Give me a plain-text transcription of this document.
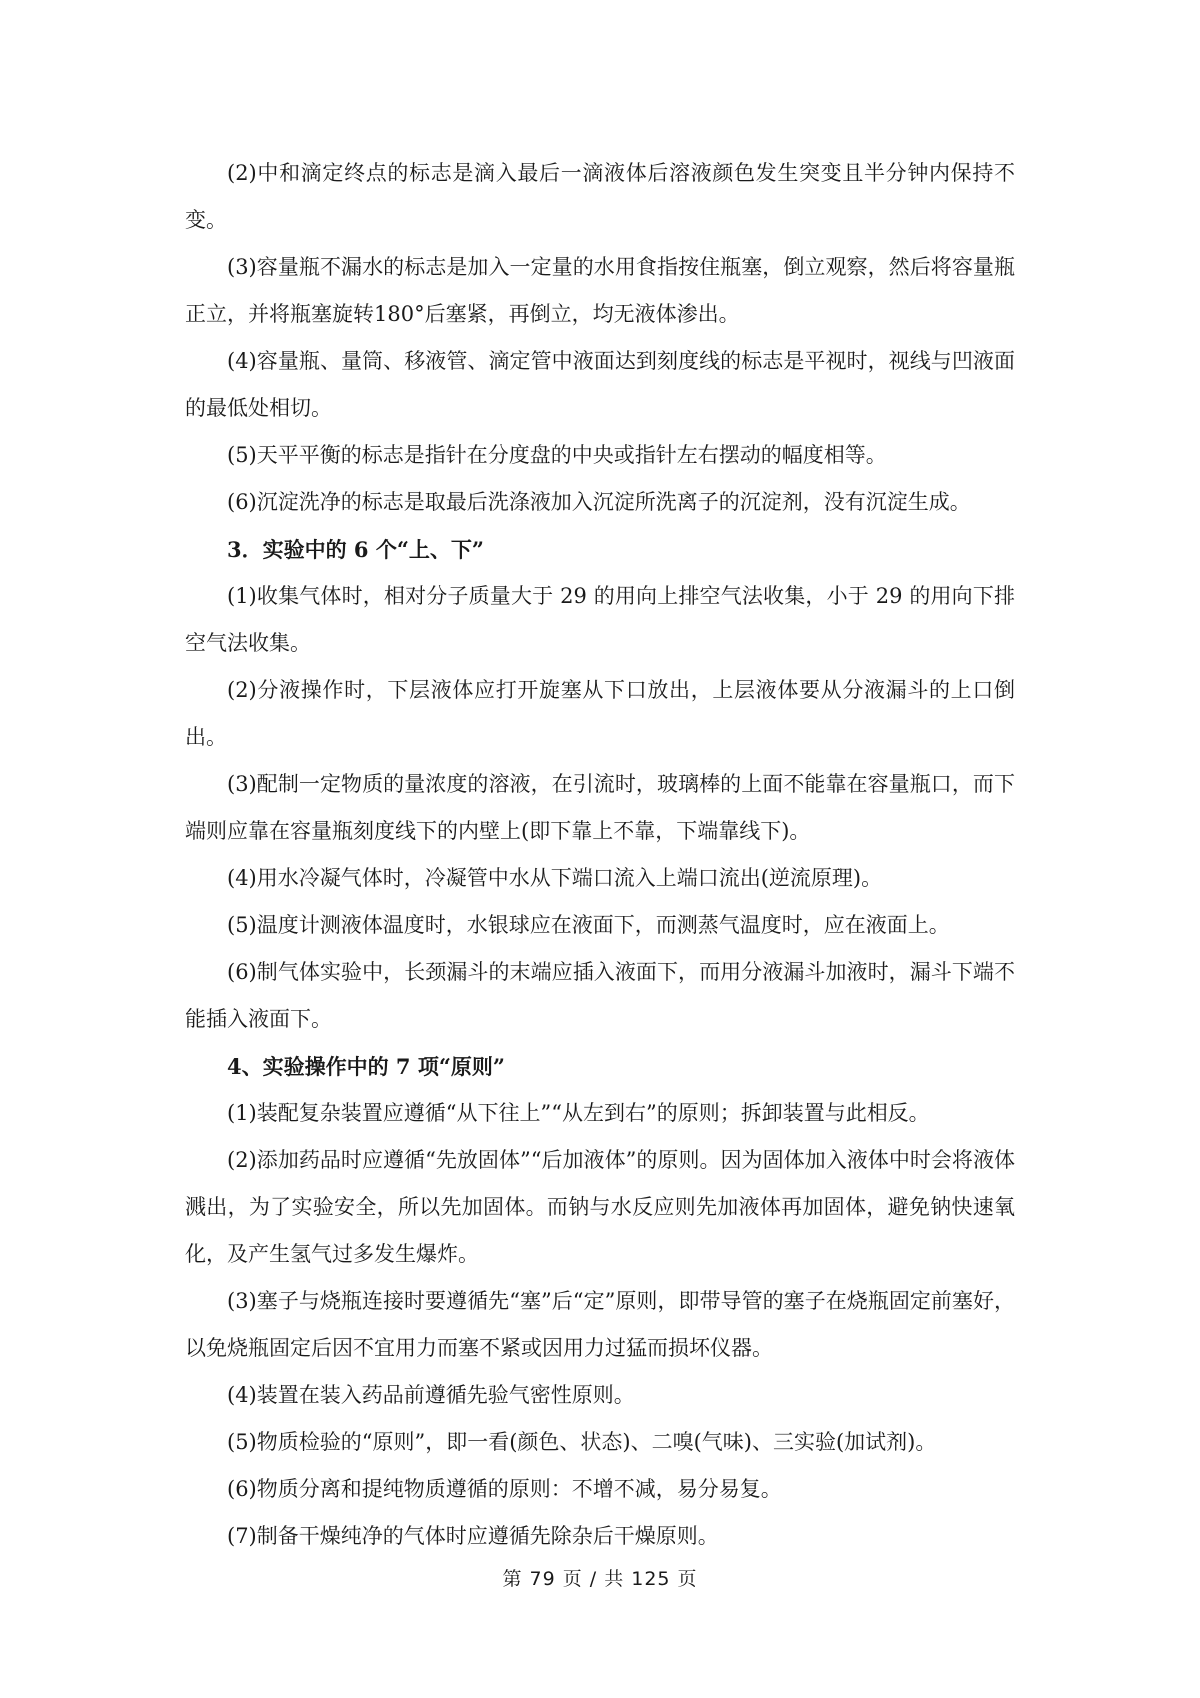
(2)中和滴定终点的标志是滴入最后一滴液体后溶液颜色发生突变且半分钟内保持不变。

(3)容量瓶不漏水的标志是加入一定量的水用食指按住瓶塞，倒立观察，然后将容量瓶正立，并将瓶塞旋转180°后塞紧，再倒立，均无液体渗出。

(4)容量瓶、量筒、移液管、滴定管中液面达到刻度线的标志是平视时，视线与凹液面的最低处相切。

(5)天平平衡的标志是指针在分度盘的中央或指针左右摆动的幅度相等。

(6)沉淀洗净的标志是取最后洗涤液加入沉淀所洗离子的沉淀剂，没有沉淀生成。

3．实验中的 6 个“上、下”

(1)收集气体时，相对分子质量大于 29 的用向上排空气法收集，小于 29 的用向下排空气法收集。

(2)分液操作时，下层液体应打开旋塞从下口放出，上层液体要从分液漏斗的上口倒出。

(3)配制一定物质的量浓度的溶液，在引流时，玻璃棒的上面不能靠在容量瓶口，而下端则应靠在容量瓶刻度线下的内壁上(即下靠上不靠，下端靠线下)。

(4)用水冷凝气体时，冷凝管中水从下端口流入上端口流出(逆流原理)。

(5)温度计测液体温度时，水银球应在液面下，而测蒸气温度时，应在液面上。

(6)制气体实验中，长颈漏斗的末端应插入液面下，而用分液漏斗加液时，漏斗下端不能插入液面下。

4、实验操作中的 7 项“原则”

(1)装配复杂装置应遵循“从下往上”“从左到右”的原则；拆卸装置与此相反。

(2)添加药品时应遵循“先放固体”“后加液体”的原则。因为固体加入液体中时会将液体溅出，为了实验安全，所以先加固体。而钠与水反应则先加液体再加固体，避免钠快速氧化，及产生氢气过多发生爆炸。

(3)塞子与烧瓶连接时要遵循先“塞”后“定”原则，即带导管的塞子在烧瓶固定前塞好，以免烧瓶固定后因不宜用力而塞不紧或因用力过猛而损坏仪器。

(4)装置在装入药品前遵循先验气密性原则。

(5)物质检验的“原则”，即一看(颜色、状态)、二嗅(气味)、三实验(加试剂)。

(6)物质分离和提纯物质遵循的原则：不增不减，易分易复。

(7)制备干燥纯净的气体时应遵循先除杂后干燥原则。

第 79 页 / 共 125 页
